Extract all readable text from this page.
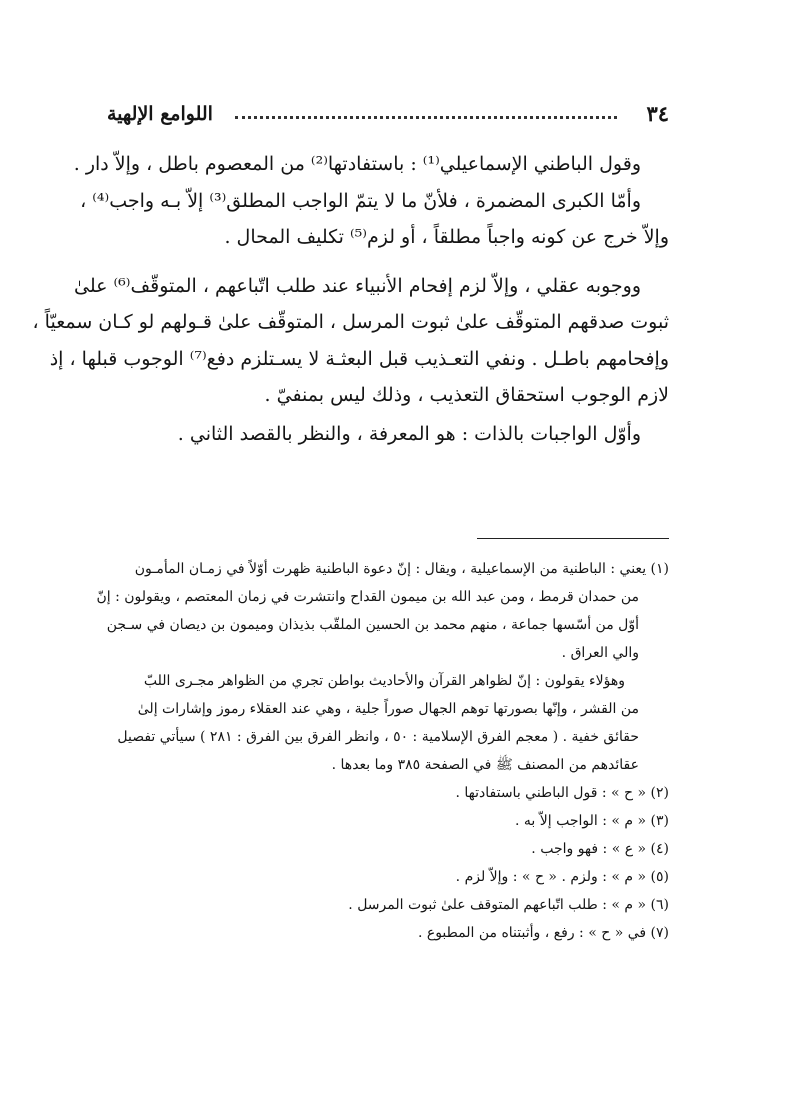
٣٤
اللوامع الإلهية

وقول الباطني الإسماعيلي⁽¹⁾ : باستفادتها⁽²⁾ من المعصوم باطل ، وإلاّ دار .

وأمّا الكبرى المضمرة ، فلأنّ ما لا يتمّ الواجب المطلق⁽³⁾ إلاّ بـه واجب⁽⁴⁾ ،

وإلاّ خرج عن كونه واجباً مطلقاً ، أو لزم⁽⁵⁾ تكليف المحال .

ووجوبه عقلي ، وإلاّ لزم إفحام الأنبياء عند طلب اتّباعهم ، المتوقّف⁽⁶⁾ علىٰ

ثبوت صدقهم المتوقّف علىٰ ثبوت المرسل ، المتوقّف علىٰ قـولهم لو كـان سمعيّاً ،

وإفحامهم باطـل . ونفي التعـذيب قبل البعثـة لا يسـتلزم دفع⁽⁷⁾ الوجوب قبلها ، إذ

لازم الوجوب استحقاق التعذيب ، وذلك ليس بمنفيّ .

وأوّل الواجبات بالذات : هو المعرفة ، والنظر بالقصد الثاني .

(١) يعني : الباطنية من الإسماعيلية ، ويقال : إنّ دعوة الباطنية ظهرت أوّلاً في زمـان المأمـون

من حمدان قرمط ، ومن عبد الله بن ميمون القداح وانتشرت في زمان المعتصم ، ويقولون : إنّ

أوّل من أسّسها جماعة ، منهم محمد بن الحسين الملقّب بذيذان وميمون بن ديصان في سـجن

والي العراق .

وهؤلاء يقولون : إنّ لظواهر القرآن والأحاديث بواطن تجري من الظواهر مجـرى اللبّ

من القشر ، وإنّها بصورتها توهم الجهال صوراً جلية ، وهي عند العقلاء رموز وإشارات إلىٰ

حقائق خفية . ( معجم الفرق الإسلامية : ٥٠ ، وانظر الفرق بين الفرق : ٢٨١ ) سيأتي تفصيل

عقائدهم من المصنف ﷺ في الصفحة ٣٨٥ وما بعدها .

(٢) « ح » : قول الباطني باستفادتها .

(٣) « م » : الواجب إلاّ به .

(٤) « ع » : فهو واجب .

(٥) « م » : ولزم . « ح » : وإلاّ لزم .

(٦) « م » : طلب اتّباعهم المتوقف علىٰ ثبوت المرسل .

(٧) في « ح » : رفع ، وأثبتناه من المطبوع .
